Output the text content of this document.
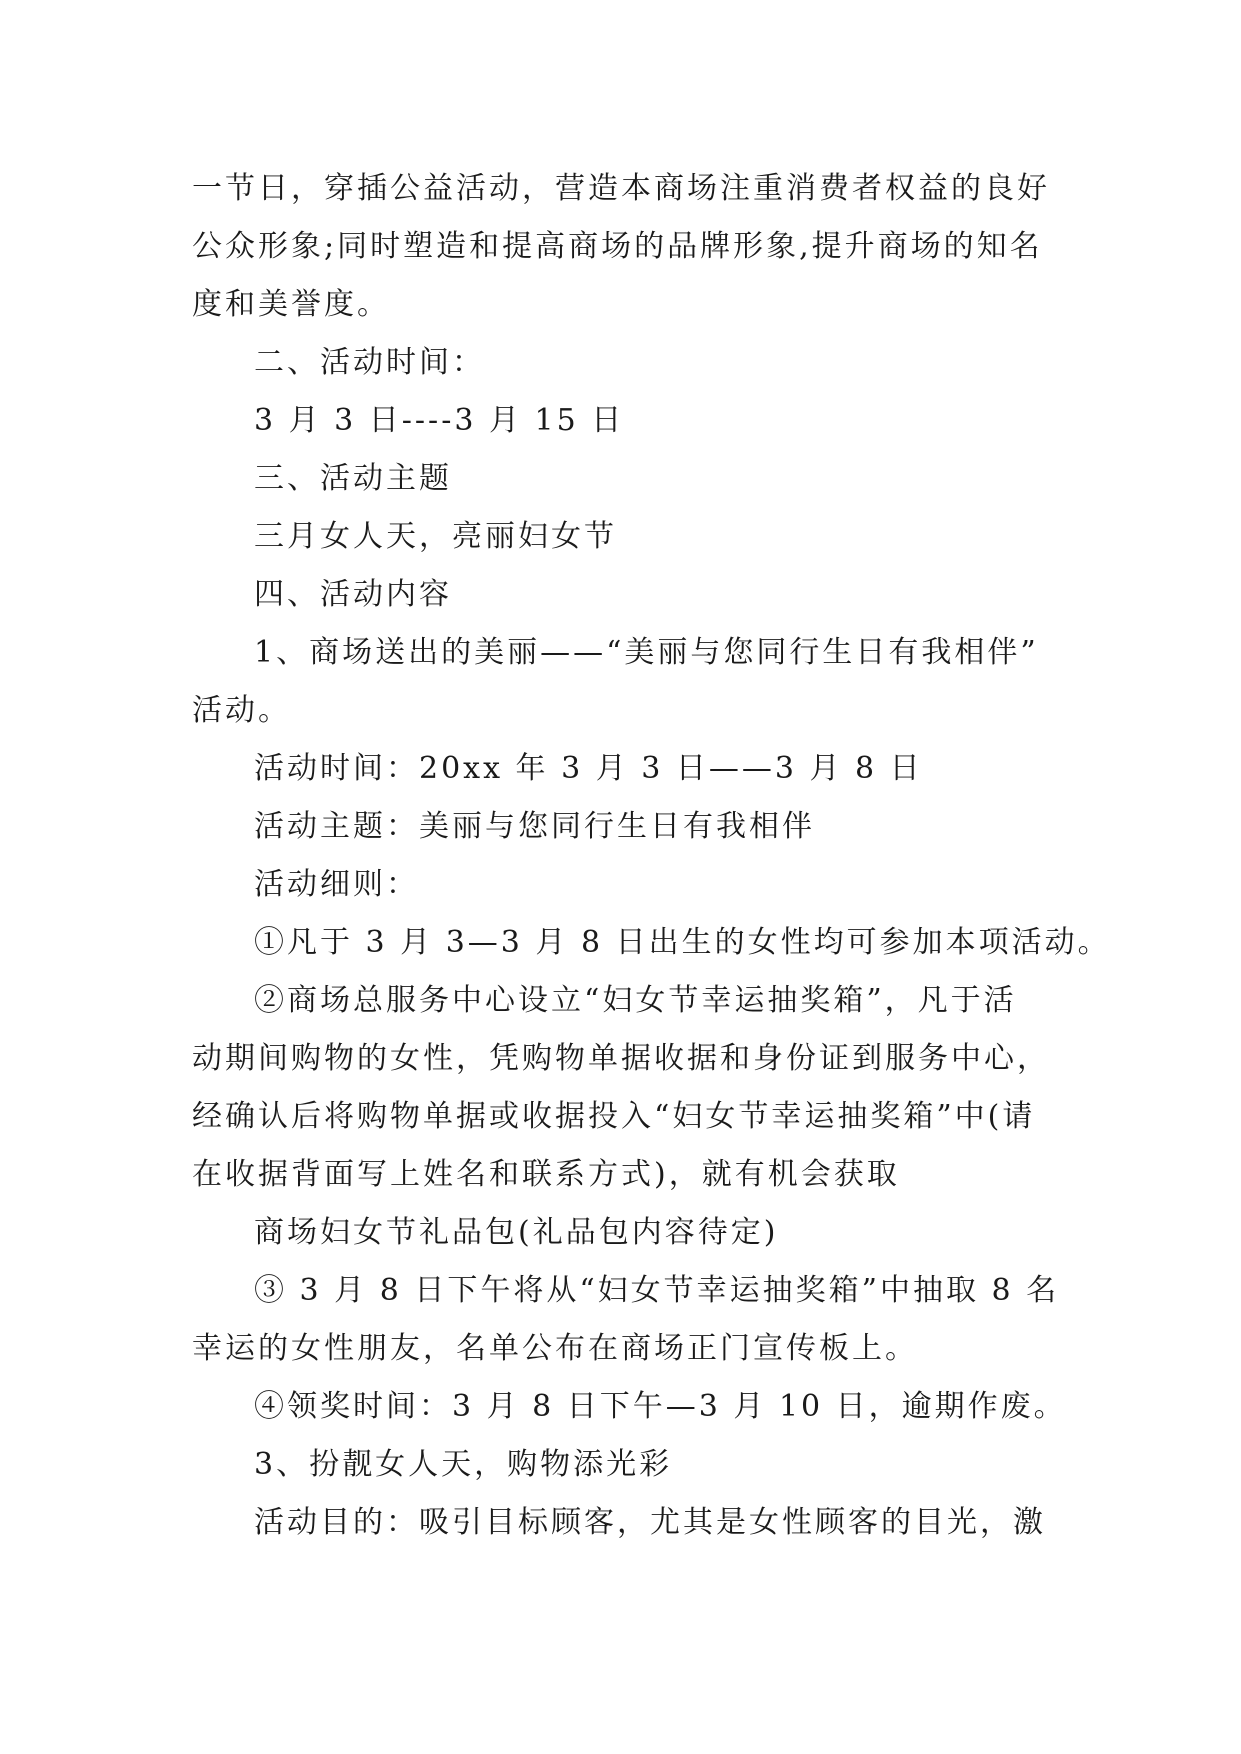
一节日，穿插公益活动，营造本商场注重消费者权益的良好

公众形象;同时塑造和提高商场的品牌形象,提升商场的知名

度和美誉度。

二、活动时间：

3 月 3 日----3 月 15 日

三、活动主题

三月女人天，亮丽妇女节

四、活动内容

1、商场送出的美丽——“美丽与您同行生日有我相伴”

活动。

活动时间：20xx 年 3 月 3 日——3 月 8 日

活动主题：美丽与您同行生日有我相伴

活动细则：

①凡于 3 月 3—3 月 8 日出生的女性均可参加本项活动。

②商场总服务中心设立“妇女节幸运抽奖箱”，凡于活

动期间购物的女性，凭购物单据收据和身份证到服务中心，

经确认后将购物单据或收据投入“妇女节幸运抽奖箱”中(请

在收据背面写上姓名和联系方式)，就有机会获取

商场妇女节礼品包(礼品包内容待定)

③ 3 月 8 日下午将从“妇女节幸运抽奖箱”中抽取 8 名

幸运的女性朋友，名单公布在商场正门宣传板上。

④领奖时间：3 月 8 日下午—3 月 10 日，逾期作废。

3、扮靓女人天，购物添光彩

活动目的：吸引目标顾客，尤其是女性顾客的目光，激
